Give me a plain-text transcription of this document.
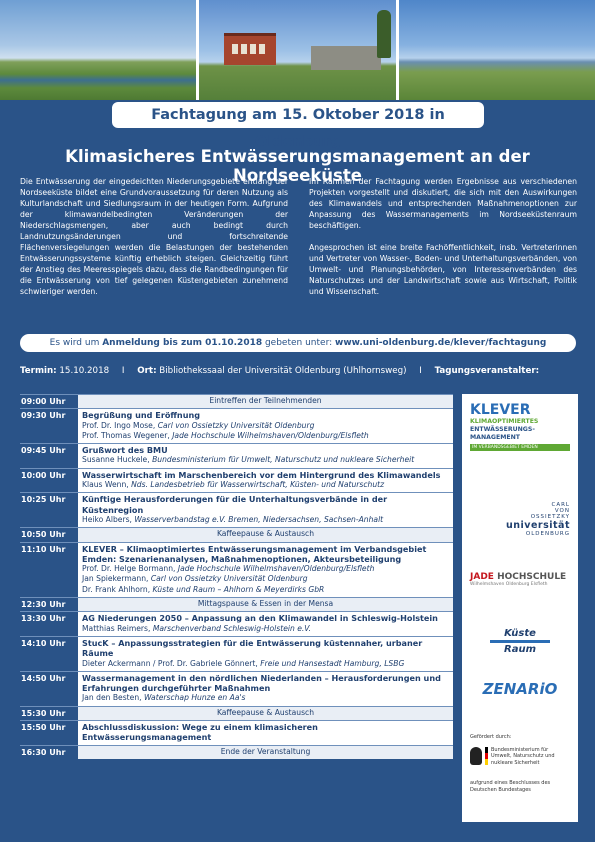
Fachtagung am 15. Oktober 2018 in Oldenburg
Klimasicheres Entwässerungsmanagement an der Nordseeküste

Die Entwässerung der eingedeichten Niederungsgebiete entlang der Nordseeküste bildet eine Grundvoraussetzung für deren Nutzung als Kulturlandschaft und Siedlungsraum in der heutigen Form. Aufgrund der klimawandelbedingten Veränderungen der Niederschlagsmengen, aber auch bedingt durch Landnutzungsänderungen und fortschreitende Flächenversiegelungen werden die Belastungen der bestehenden Entwässerungssysteme künftig erheblich steigen. Gleichzeitig führt der Anstieg des Meeresspiegels dazu, dass die Randbedingungen für die Entwässerung von tief gelegenen Küstengebieten zunehmend schwieriger werden.

Im Rahmen der Fachtagung werden Ergebnisse aus verschiedenen Projekten vorgestellt und diskutiert, die sich mit den Auswirkungen des Klimawandels und entsprechenden Maßnahmenoptionen zur Anpassung des Wassermanagements im Nordseeküstenraum beschäftigen.

Angesprochen ist eine breite Fachöffentlichkeit, insb. Vertreterinnen und Vertreter von Wasser-, Boden- und Unterhaltungsverbänden, von Umwelt- und Planungsbehörden, von Interessenverbänden des Naturschutzes und der Landwirtschaft sowie aus Wirtschaft, Politik und Wissenschaft.

Es wird um Anmeldung bis zum 01.10.2018 gebeten unter: www.uni-oldenburg.de/klever/fachtagung
Termin: 15.10.2018 I Ort: Bibliothekssaal der Universität Oldenburg (Uhlhornsweg) I Tagungsveranstalter:
09:00 Uhr	Eintreffen der Teilnehmenden
09:30 Uhr	Begrüßung und Eröffnung
Prof. Dr. Ingo Mose, Carl von Ossietzky Universität Oldenburg
Prof. Thomas Wegener, Jade Hochschule Wilhelmshaven/Oldenburg/Elsfleth
09:45 Uhr	Grußwort des BMU
Susanne Huckele, Bundesministerium für Umwelt, Naturschutz und nukleare Sicherheit
10:00 Uhr	Wasserwirtschaft im Marschenbereich vor dem Hintergrund des Klimawandels
Klaus Wenn, Nds. Landesbetrieb für Wasserwirtschaft, Küsten- und Naturschutz
10:25 Uhr	Künftige Herausforderungen für die Unterhaltungsverbände in der Küstenregion
Heiko Albers, Wasserverbandstag e.V. Bremen, Niedersachsen, Sachsen-Anhalt
10:50 Uhr	Kaffeepause & Austausch
11:10 Uhr	KLEVER – Klimaoptimiertes Entwässerungsmanagement im Verbandsgebiet Emden: Szenarienanalysen, Maßnahmenoptionen, Akteursbeteiligung
Prof. Dr. Helge Bormann, Jade Hochschule Wilhelmshaven/Oldenburg/Elsfleth
Jan Spiekermann, Carl von Ossietzky Universität Oldenburg
Dr. Frank Ahlhorn, Küste und Raum – Ahlhorn & Meyerdirks GbR
12:30 Uhr	Mittagspause & Essen in der Mensa
13:30 Uhr	AG Niederungen 2050 – Anpassung an den Klimawandel in Schleswig-Holstein
Matthias Reimers, Marschenverband Schleswig-Holstein e.V.
14:10 Uhr	StucK – Anpassungsstrategien für die Entwässerung küstennaher, urbaner Räume
Dieter Ackermann / Prof. Dr. Gabriele Gönnert, Freie und Hansestadt Hamburg, LSBG
14:50 Uhr	Wassermanagement in den nördlichen Niederlanden – Herausforderungen und Erfahrungen durchgeführter Maßnahmen
Jan den Besten, Waterschap Hunze en Aa's
15:30 Uhr	Kaffeepause & Austausch
15:50 Uhr	Abschlussdiskussion: Wege zu einem klimasicheren Entwässerungsmanagement
16:30 Uhr	Ende der Veranstaltung
KLEVER
KLIMAOPTIMIERTES
ENTWÄSSERUNGS-
MANAGEMENT
IM VERBANDSGEBIET EMDEN
CARL
VON
OSSIETZKY
universität
OLDENBURG
JADE HOCHSCHULE
Wilhelmshaven Oldenburg Elsfleth
Küste
Raum
ZENARiO
Gefördert durch:
Bundesministerium für Umwelt, Naturschutz und nukleare Sicherheit
aufgrund eines Beschlusses des Deutschen Bundestages
